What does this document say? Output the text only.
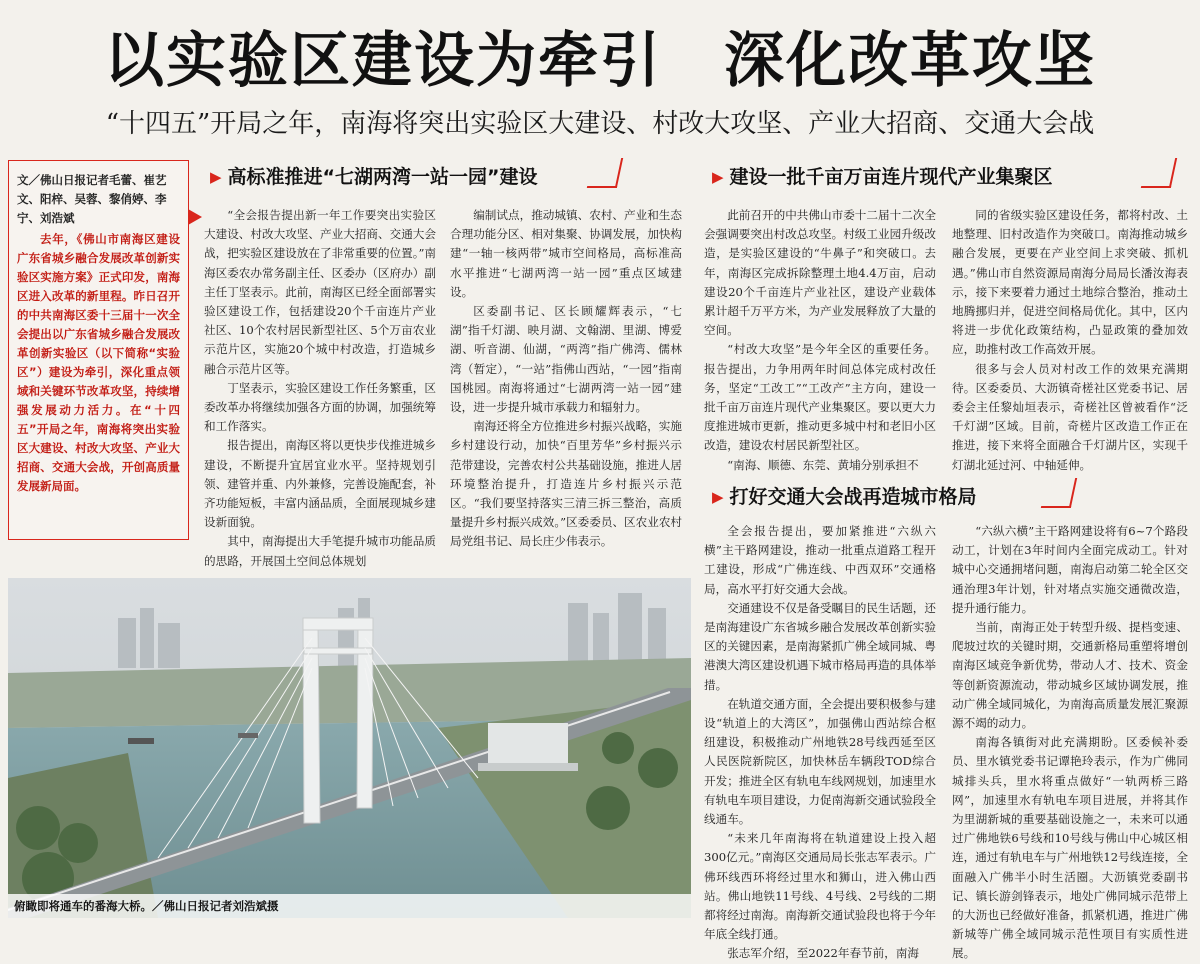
以实验区建设为牵引　深化改革攻坚
“十四五”开局之年，南海将突出实验区大建设、村改大攻坚、产业大招商、交通大会战
文／佛山日报记者毛蕾、崔艺文、阳梓、吴蓉、黎俏婷、李宁、刘浩斌
去年，《佛山市南海区建设广东省城乡融合发展改革创新实验区实施方案》正式印发，南海区进入改革的新里程。昨日召开的中共南海区委十三届十一次全会提出以广东省城乡融合发展改革创新实验区（以下简称“实验区”）建设为牵引，深化重点领域和关键环节改革攻坚，持续增强发展动力活力。在“十四五”开局之年，南海将突出实验区大建设、村改大攻坚、产业大招商、交通大会战，开创高质量发展新局面。
▶ 高标准推进“七湖两湾一站一园”建设

“全会报告提出新一年工作要突出实验区大建设、村改大攻坚、产业大招商、交通大会战，把实验区建设放在了非常重要的位置。”南海区委农办常务副主任、区委办（区府办）副主任丁坚表示。此前，南海区已经全面部署实验区建设工作，包括建设20个千亩连片产业社区、10个农村居民新型社区、5个万亩农业示范片区，实施20个城中村改造，打造城乡融合示范片区等。

丁坚表示，实验区建设工作任务繁重，区委改革办将继续加强各方面的协调，加强统筹和工作落实。

报告提出，南海区将以更快步伐推进城乡建设，不断提升宜居宜业水平。坚持规划引领、建管并重、内外兼修，完善设施配套，补齐功能短板，丰富内涵品质，全面展现城乡建设新面貌。

其中，南海提出大手笔提升城市功能品质的思路，开展国土空间总体规划

编制试点，推动城镇、农村、产业和生态合理功能分区、相对集聚、协调发展，加快构建“一轴一核两带”城市空间格局，高标准高水平推进“七湖两湾一站一园”重点区域建设。

区委副书记、区长顾耀辉表示，“七湖”指千灯湖、映月湖、文翰湖、里湖、博爱湖、听音湖、仙湖，“两湾”指广佛湾、儒林湾（暂定），“一站”指佛山西站，“一园”指南国桃园。南海将通过“七湖两湾一站一园”建设，进一步提升城市承载力和辐射力。

南海还将全方位推进乡村振兴战略，实施乡村建设行动，加快“百里芳华”乡村振兴示范带建设，完善农村公共基础设施，推进人居环境整治提升，打造连片乡村振兴示范区。“我们要坚持落实三清三拆三整治，高质量提升乡村振兴成效。”区委委员、区农业农村局党组书记、局长庄少伟表示。

▶ 建设一批千亩万亩连片现代产业集聚区

此前召开的中共佛山市委十二届十二次全会强调要突出村改总攻坚。村级工业园升级改造，是实验区建设的“牛鼻子”和突破口。去年，南海区完成拆除整理土地4.4万亩，启动建设20个千亩连片产业社区，建设产业载体累计超千万平方米，为产业发展释放了大量的空间。

“村改大攻坚”是今年全区的重要任务。报告提出，力争用两年时间总体完成村改任务，坚定“工改工”“工改产”主方向，建设一批千亩万亩连片现代产业集聚区。要以更大力度推进城市更新，推动更多城中村和老旧小区改造，建设农村居民新型社区。

“南海、顺德、东莞、黄埔分别承担不

同的省级实验区建设任务，都将村改、土地整理、旧村改造作为突破口。南海推动城乡融合发展，更要在产业空间上求突破、抓机遇。”佛山市自然资源局南海分局局长潘汝海表示，接下来要着力通过土地综合整治，推动土地腾挪归并，促进空间格局优化。其中，区内将进一步优化政策结构，凸显政策的叠加效应，助推村改工作高效开展。

很多与会人员对村改工作的效果充满期待。区委委员、大沥镇奇槎社区党委书记、居委会主任黎灿垣表示，奇槎社区曾被看作“泛千灯湖”区域。目前，奇槎片区改造工作正在推进，接下来将全面融合千灯湖片区，实现千灯湖北延过河、中轴延伸。

▶ 打好交通大会战再造城市格局

全会报告提出，要加紧推进“六纵六横”主干路网建设，推动一批重点道路工程开工建设，形成“广佛连线、中西双环”交通格局，高水平打好交通大会战。

交通建设不仅是备受瞩目的民生话题，还是南海建设广东省城乡融合发展改革创新实验区的关键因素，是南海紧抓广佛全域同城、粤港澳大湾区建设机遇下城市格局再造的具体举措。

在轨道交通方面，全会提出要积极参与建设“轨道上的大湾区”，加强佛山西站综合枢纽建设，积极推动广州地铁28号线西延至区人民医院新院区，加快林岳车辆段TOD综合开发；推进全区有轨电车线网规划，加速里水有轨电车项目建设，力促南海新交通试验段全线通车。

“未来几年南海将在轨道建设上投入超300亿元。”南海区交通局局长张志军表示。广佛环线西环将经过里水和狮山，进入佛山西站。佛山地铁11号线、4号线、2号线的二期都将经过南海。南海新交通试验段也将于今年年底全线打通。

张志军介绍，至2022年春节前，南海

“六纵六横”主干路网建设将有6~7个路段动工，计划在3年时间内全面完成动工。针对城中心交通拥堵问题，南海启动第二轮全区交通治理3年计划，针对堵点实施交通微改造，提升通行能力。

当前，南海正处于转型升级、提档变速、爬坡过坎的关键时期，交通新格局重塑将增创南海区域竞争新优势，带动人才、技术、资金等创新资源流动，带动城乡区域协调发展，推动广佛全域同城化，为南海高质量发展汇聚源源不竭的动力。

南海各镇街对此充满期盼。区委候补委员、里水镇党委书记谭艳玲表示，作为广佛同城排头兵，里水将重点做好“一轨两桥三路网”，加速里水有轨电车项目进展，并将其作为里湖新城的重要基础设施之一，未来可以通过广佛地铁6号线和10号线与佛山中心城区相连，通过有轨电车与广州地铁12号线连接，全面融入广佛半小时生活圈。大沥镇党委副书记、镇长游剑锋表示，地处广佛同城示范带上的大沥也已经做好准备，抓紧机遇，推进广佛新城等广佛全域同城示范性项目有实质性进展。

俯瞰即将通车的番海大桥。／佛山日报记者刘浩斌摄
